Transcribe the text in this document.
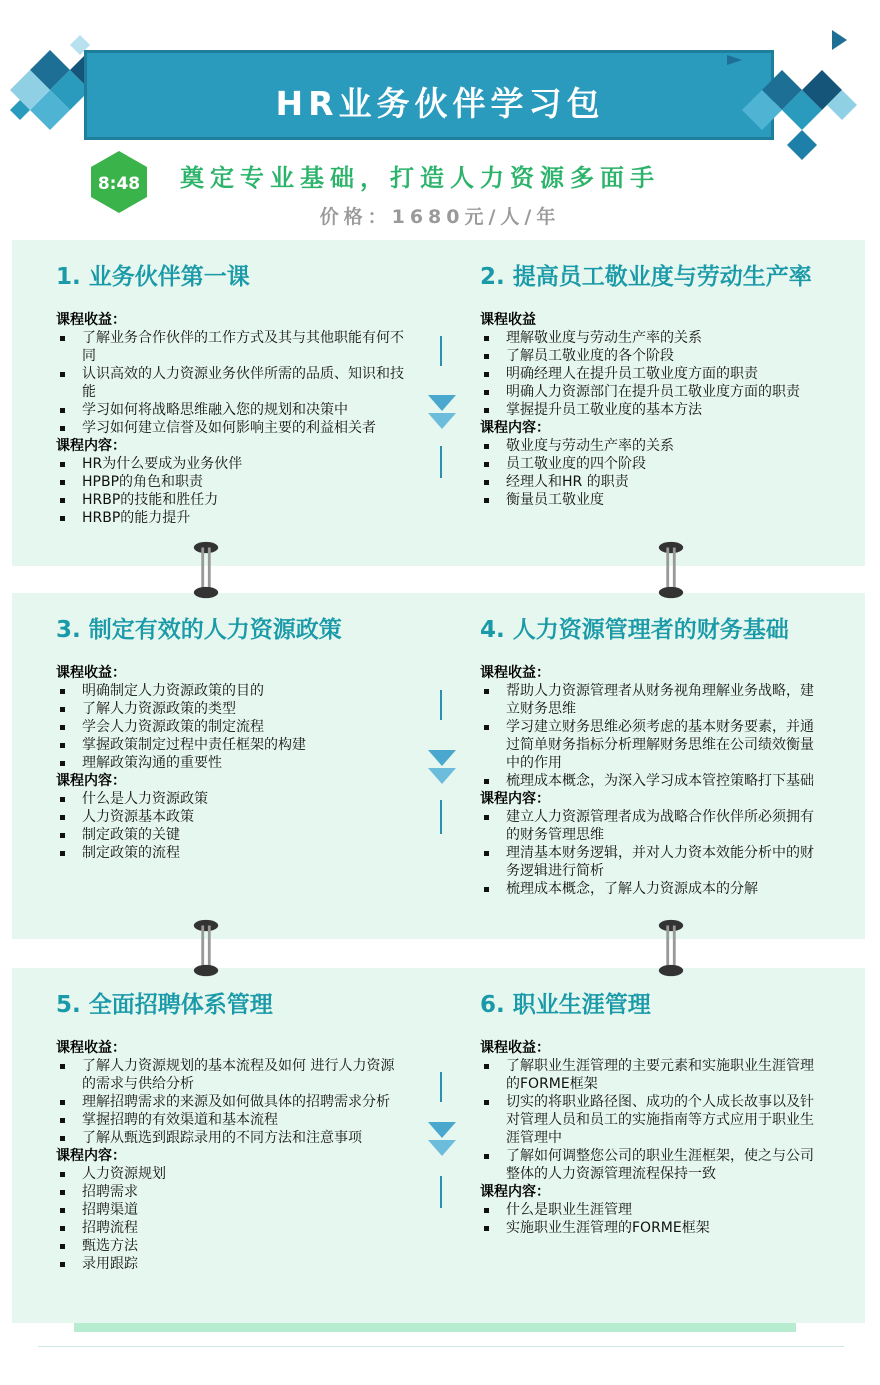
HR业务伙伴学习包
8:48 奠定专业基础，打造人力资源多面手
价格：1680元/人/年
1. 业务伙伴第一课
课程收益：
了解业务合作伙伴的工作方式及其与其他职能有何不同
认识高效的人力资源业务伙伴所需的品质、知识和技能
学习如何将战略思维融入您的规划和决策中
学习如何建立信誉及如何影响主要的利益相关者
课程内容：
HR为什么要成为业务伙伴
HPBP的角色和职责
HRBP的技能和胜任力
HRBP的能力提升
2. 提高员工敬业度与劳动生产率
课程收益
理解敬业度与劳动生产率的关系
了解员工敬业度的各个阶段
明确经理人在提升员工敬业度方面的职责
明确人力资源部门在提升员工敬业度方面的职责
掌握提升员工敬业度的基本方法
课程内容：
敬业度与劳动生产率的关系
员工敬业度的四个阶段
经理人和HR 的职责
衡量员工敬业度
3. 制定有效的人力资源政策
课程收益：
明确制定人力资源政策的目的
了解人力资源政策的类型
学会人力资源政策的制定流程
掌握政策制定过程中责任框架的构建
理解政策沟通的重要性
课程内容：
什么是人力资源政策
人力资源基本政策
制定政策的关键
制定政策的流程
4. 人力资源管理者的财务基础
课程收益：
帮助人力资源管理者从财务视角理解业务战略，建立财务思维
学习建立财务思维必须考虑的基本财务要素，并通过简单财务指标分析理解财务思维在公司绩效衡量中的作用
梳理成本概念，为深入学习成本管控策略打下基础
课程内容：
建立人力资源管理者成为战略合作伙伴所必须拥有的财务管理思维
理清基本财务逻辑，并对人力资本效能分析中的财务逻辑进行简析
梳理成本概念，了解人力资源成本的分解
5. 全面招聘体系管理
课程收益：
了解人力资源规划的基本流程及如何 进行人力资源的需求与供给分析
理解招聘需求的来源及如何做具体的招聘需求分析
掌握招聘的有效渠道和基本流程
了解从甄选到跟踪录用的不同方法和注意事项
课程内容：
人力资源规划
招聘需求
招聘渠道
招聘流程
甄选方法
录用跟踪
6. 职业生涯管理
课程收益：
了解职业生涯管理的主要元素和实施职业生涯管理的FORME框架
切实的将职业路径图、成功的个人成长故事以及针对管理人员和员工的实施指南等方式应用于职业生涯管理中
了解如何调整您公司的职业生涯框架，使之与公司整体的人力资源管理流程保持一致
课程内容：
什么是职业生涯管理
实施职业生涯管理的FORME框架
